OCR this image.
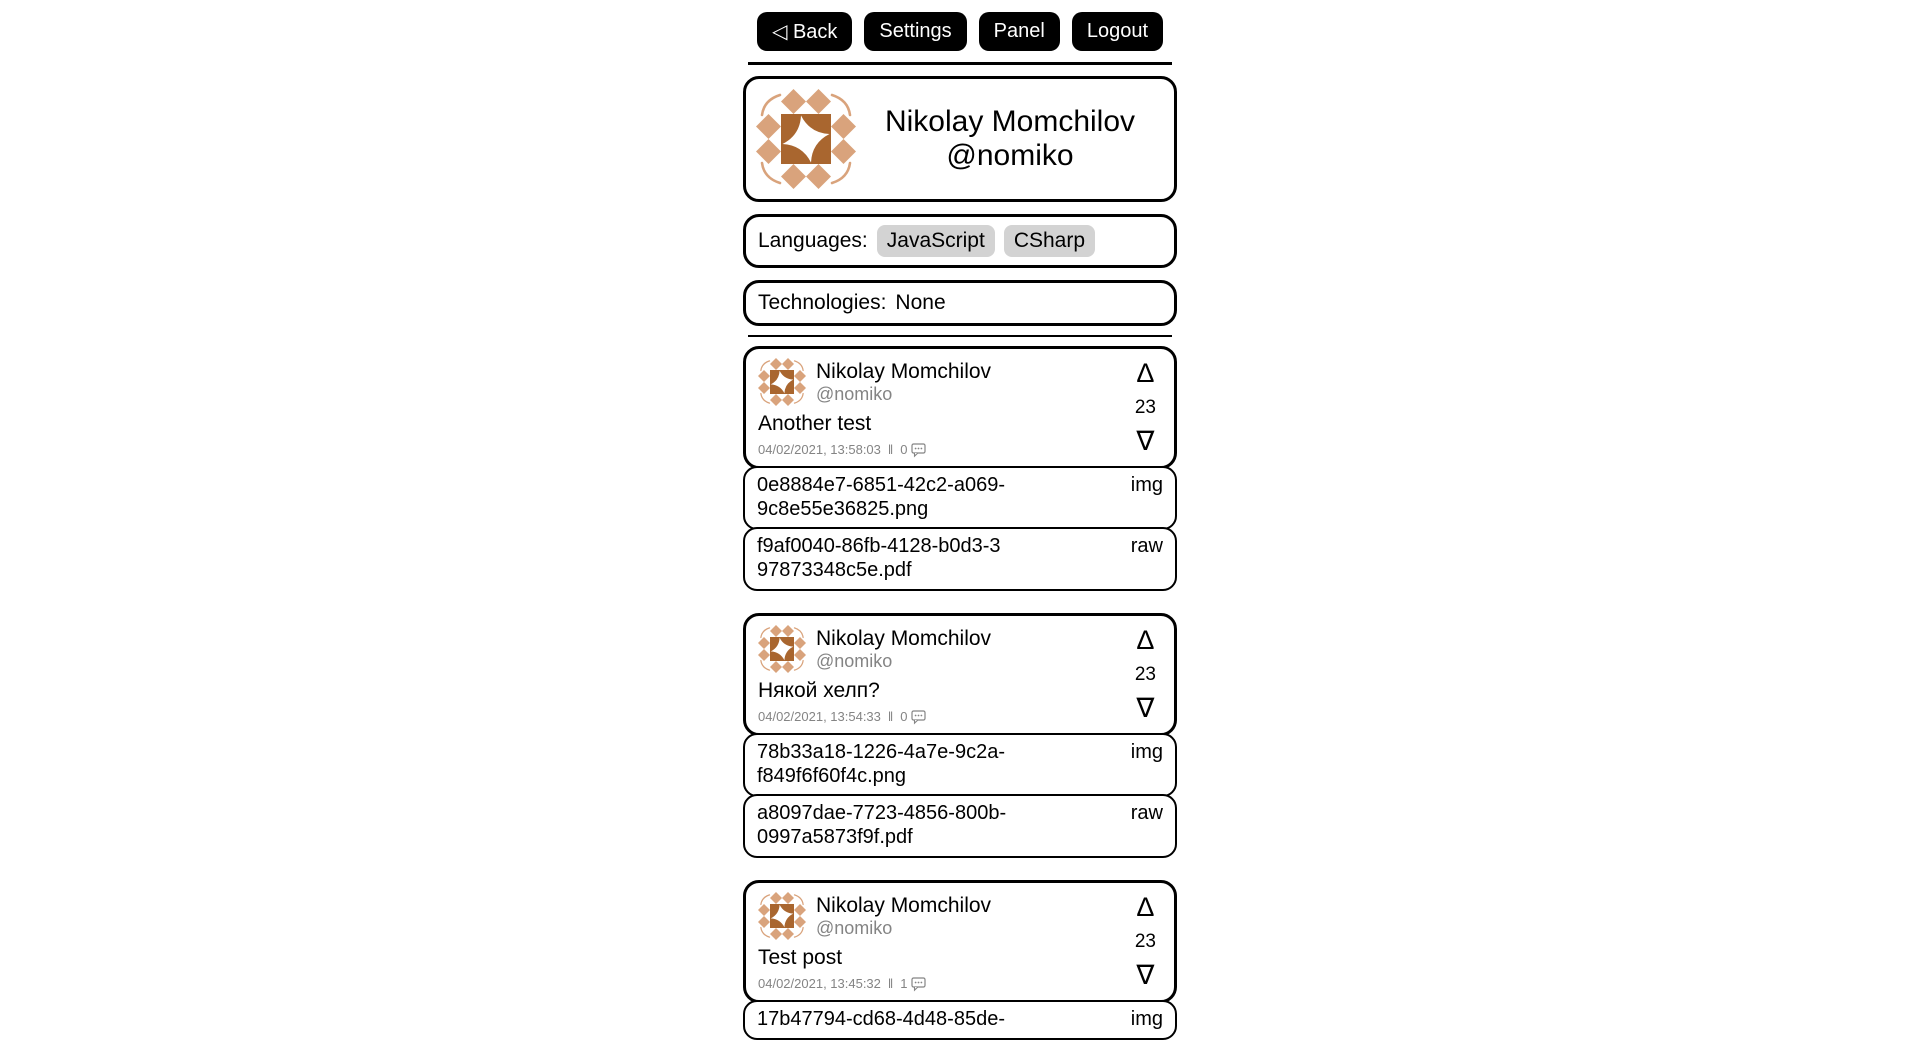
◁ Back	Settings	Panel	Logout
Nikolay Momchilov
@nomiko
Languages: JavaScript	CSharp
Technologies: None
Nikolay Momchilov
@nomiko
Another test
04/02/2021, 13:58:03 ‖ 0
Δ
23
∇
0e8884e7-6851-42c2-a069-9c8e55e36825.png
img
f9af0040-86fb-4128-b0d3-397873348c5e.pdf
raw
Nikolay Momchilov
@nomiko
Някой хелп?
04/02/2021, 13:54:33 ‖ 0
Δ
23
∇
78b33a18-1226-4a7e-9c2a-f849f6f60f4c.png
img
a8097dae-7723-4856-800b-0997a5873f9f.pdf
raw
Nikolay Momchilov
@nomiko
Test post
04/02/2021, 13:45:32 ‖ 1
Δ
23
∇
17b47794-cd68-4d48-85de-	img
